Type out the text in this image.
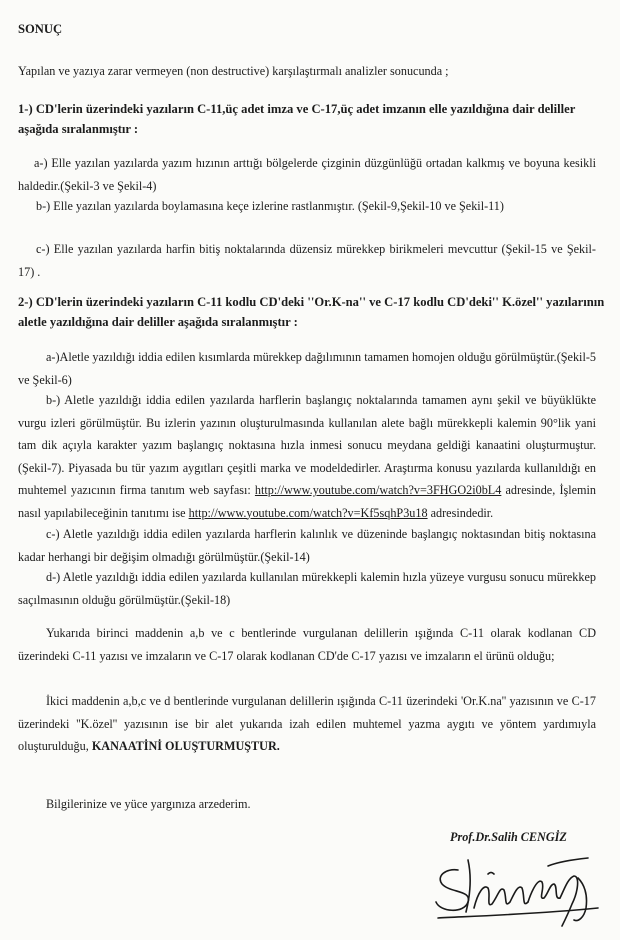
SONUÇ

Yapılan ve yazıya zarar vermeyen (non destructive) karşılaştırmalı analizler sonucunda ;

1-) CD'lerin üzerindeki yazıların C-11,üç adet imza ve C-17,üç adet imzanın elle yazıldığına dair deliller aşağıda sıralanmıştır :

a-) Elle yazılan yazılarda yazım hızının arttığı bölgelerde çizginin düzgünlüğü ortadan kalkmış ve boyuna kesikli haldedir.(Şekil-3 ve Şekil-4)

b-) Elle yazılan yazılarda boylamasına keçe izlerine rastlanmıştır. (Şekil-9,Şekil-10 ve Şekil-11)

c-) Elle yazılan yazılarda harfin bitiş noktalarında düzensiz mürekkep birikmeleri mevcuttur (Şekil-15 ve Şekil-17) .

2-) CD'lerin üzerindeki yazıların C-11 kodlu CD'deki ''Or.K-na'' ve C-17 kodlu CD'deki'' K.özel'' yazılarının aletle yazıldığına dair deliller aşağıda sıralanmıştır :

a-)Aletle yazıldığı iddia edilen kısımlarda mürekkep dağılımının tamamen homojen olduğu görülmüştür.(Şekil-5 ve Şekil-6)

b-) Aletle yazıldığı iddia edilen yazılarda harflerin başlangıç noktalarında tamamen aynı şekil ve büyüklükte vurgu izleri görülmüştür. Bu izlerin yazının oluşturulmasında kullanılan alete bağlı mürekkepli kalemin 90°lik yani tam dik açıyla karakter yazım başlangıç noktasına hızla inmesi sonucu meydana geldiği kanaatini oluşturmuştur.(Şekil-7). Piyasada bu tür yazım aygıtları çeşitli marka ve modeldedirler. Araştırma konusu yazılarda kullanıldığı en muhtemel yazıcının firma tanıtım web sayfası: http://www.youtube.com/watch?v=3FHGO2i0bL4 adresinde, İşlemin nasıl yapılabileceğinin tanıtımı ise http://www.youtube.com/watch?v=Kf5sqhP3u18 adresindedir.

c-) Aletle yazıldığı iddia edilen yazılarda harflerin kalınlık ve düzeninde başlangıç noktasından bitiş noktasına kadar herhangi bir değişim olmadığı görülmüştür.(Şekil-14)

d-) Aletle yazıldığı iddia edilen yazılarda kullanılan mürekkepli kalemin hızla yüzeye vurgusu sonucu mürekkep saçılmasının olduğu görülmüştür.(Şekil-18)

Yukarıda birinci maddenin a,b ve c bentlerinde vurgulanan delillerin ışığında C-11 olarak kodlanan CD üzerindeki C-11 yazısı ve imzaların ve C-17 olarak kodlanan CD'de C-17 yazısı ve imzaların el ürünü olduğu;

İkici maddenin a,b,c ve d bentlerinde vurgulanan delillerin ışığında C-11 üzerindeki 'Or.K.na'' yazısının ve C-17 üzerindeki ''K.özel'' yazısının ise bir alet yukarıda izah edilen muhtemel yazma aygıtı ve yöntem yardımıyla oluşturulduğu, KANAATİNİ OLUŞTURMUŞTUR.

Bilgilerinize ve yüce yargınıza arzederim.

Prof.Dr.Salih CENGİZ
